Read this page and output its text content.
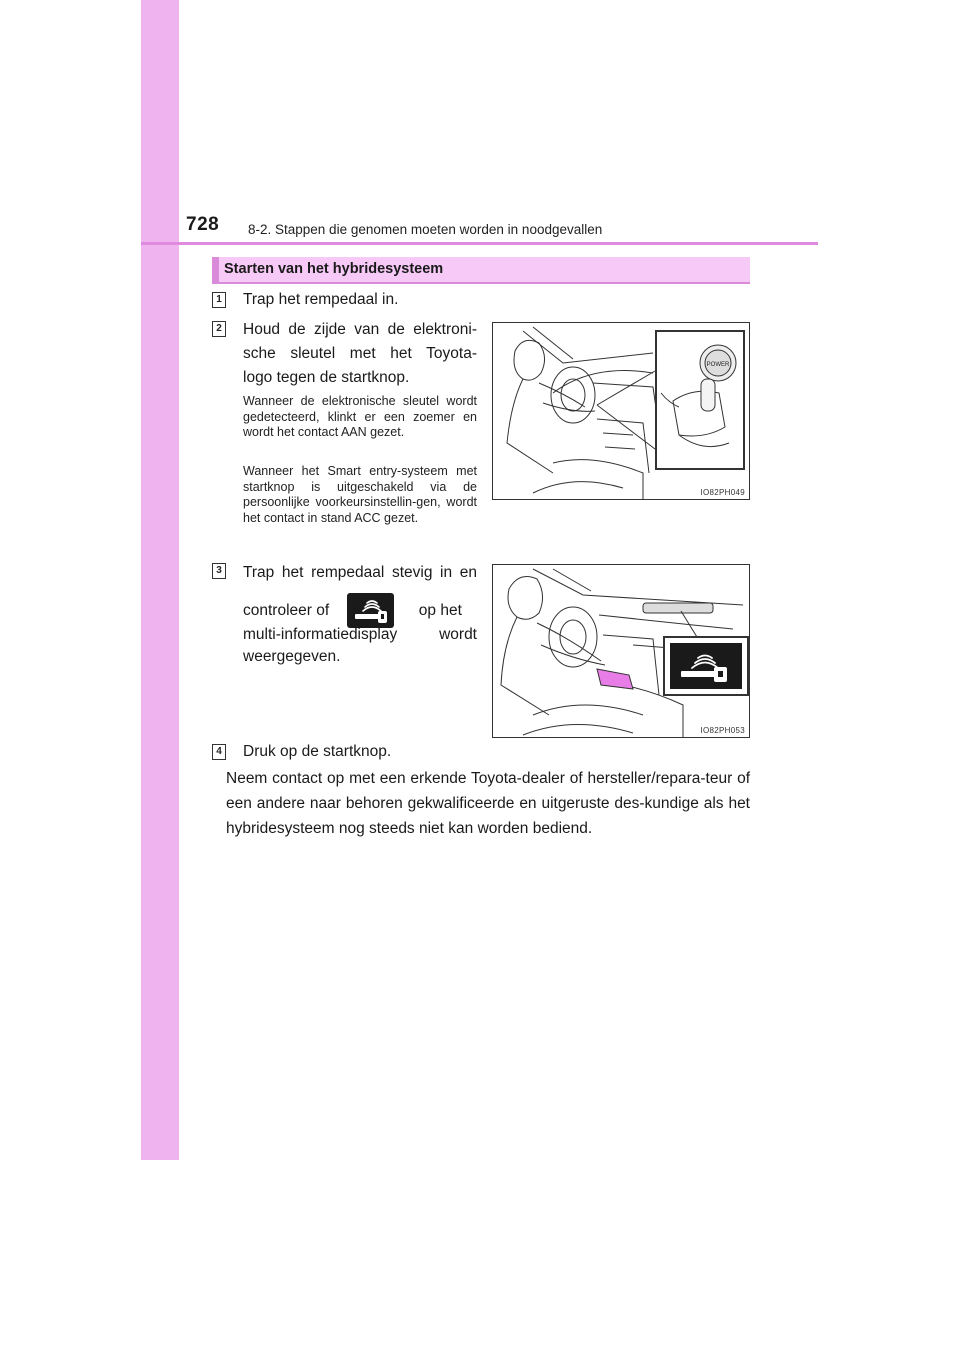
728 8-2. Stappen die genomen moeten worden in noodgevallen
Starten van het hybridesysteem
1 Trap het rempedaal in.
2 Houd de zijde van de elektroni-
sche sleutel met het Toyota-
logo tegen de startknop.
Wanneer de elektronische sleutel wordt gedetecteerd, klinkt er een zoemer en wordt het contact AAN gezet.
Wanneer het Smart entry-systeem met startknop is uitgeschakeld via de persoonlijke voorkeursinstellin-gen, wordt het contact in stand ACC gezet.
POWER
IO82PH049
3 Trap het rempedaal stevig in en
controleer of	op het
multi-informatiedisplay wordt
weergegeven.
IO82PH053
4 Druk op de startknop.
Neem contact op met een erkende Toyota-dealer of hersteller/repara-teur of een andere naar behoren gekwalificeerde en uitgeruste des-kundige als het hybridesysteem nog steeds niet kan worden bediend.
